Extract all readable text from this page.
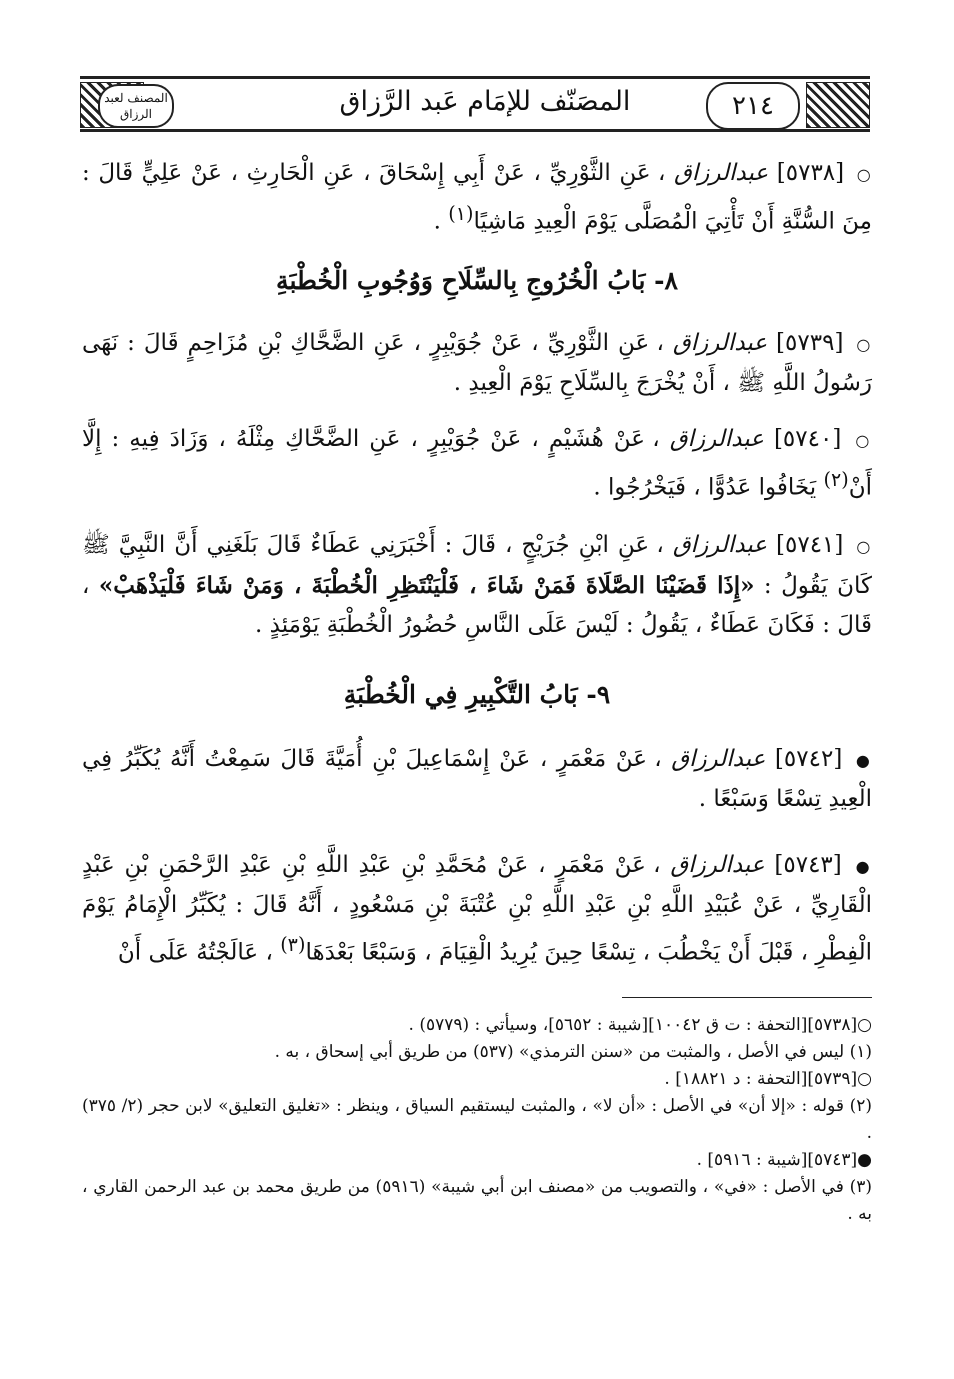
المصنف لعبد الرزاق	المصَنّف للإمَام عَبد الرَّزاق	٢١٤

○ [٥٧٣٨] عبدالرزاق ، عَنِ الثَّوْرِيِّ ، عَنْ أَبِي إِسْحَاقَ ، عَنِ الْحَارِثِ ، عَنْ عَلِيٍّ قَالَ : مِنَ السُّنَّةِ أَنْ تَأْتِيَ الْمُصَلَّى يَوْمَ الْعِيدِ مَاشِيًا$^{(١)}$ .

٨- بَابُ الْخُرُوجِ بِالسِّلَاحِ وَوُجُوبِ الْخُطْبَةِ

○ [٥٧٣٩] عبدالرزاق ، عَنِ الثَّوْرِيِّ ، عَنْ جُوَيْبِرٍ ، عَنِ الضَّحَّاكِ بْنِ مُزَاحِمٍ قَالَ : نَهَى رَسُولُ اللَّهِ ﷺ ، أَنْ يُخْرَجَ بِالسِّلَاحِ يَوْمَ الْعِيدِ .

○ [٥٧٤٠] عبدالرزاق ، عَنْ هُشَيْمٍ ، عَنْ جُوَيْبِرٍ ، عَنِ الضَّحَّاكِ مِثْلَهُ ، وَزَادَ فِيهِ : إِلَّا أَنْ$^{(٢)}$ يَخَافُوا عَدُوًّا ، فَيَخْرُجُوا .

○ [٥٧٤١] عبدالرزاق ، عَنِ ابْنِ جُرَيْجٍ ، قَالَ : أَخْبَرَنِي عَطَاءٌ قَالَ بَلَغَنِي أَنَّ النَّبِيَّ ﷺ كَانَ يَقُولُ : «إِذَا قَضَيْنَا الصَّلَاةَ فَمَنْ شَاءَ ، فَلْيَنْتَظِرِ الْخُطْبَةَ ، وَمَنْ شَاءَ فَلْيَذْهَبْ» ، قَالَ : فَكَانَ عَطَاءٌ ، يَقُولُ : لَيْسَ عَلَى النَّاسِ حُضُورُ الْخُطْبَةِ يَوْمَئِذٍ .

٩- بَابُ التَّكْبِيرِ فِي الْخُطْبَةِ

● [٥٧٤٢] عبدالرزاق ، عَنْ مَعْمَرٍ ، عَنْ إِسْمَاعِيلَ بْنِ أُمَيَّةَ قَالَ سَمِعْتُ أَنَّهُ يُكَبِّرُ فِي الْعِيدِ تِسْعًا وَسَبْعًا .

● [٥٧٤٣] عبدالرزاق ، عَنْ مَعْمَرٍ ، عَنْ مُحَمَّدِ بْنِ عَبْدِ اللَّهِ بْنِ عَبْدِ الرَّحْمَنِ بْنِ عَبْدٍ الْقَارِيِّ ، عَنْ عُبَيْدِ اللَّهِ بْنِ عَبْدِ اللَّهِ بْنِ عُتْبَةَ بْنِ مَسْعُودٍ ، أَنَّهُ قَالَ : يُكَبِّرُ الْإِمَامُ يَوْمَ الْفِطْرِ ، قَبْلَ أَنْ يَخْطُبَ ، تِسْعًا حِينَ يُرِيدُ الْقِيَامَ ، وَسَبْعًا بَعْدَهَا$^{(٣)}$ ، عَالَجْتُهُ عَلَى أَنْ

○[٥٧٣٨][التحفة : ت ق ١٠٠٤٢][شيبة : ٥٦٥٢]، وسيأتي : (٥٧٧٩) .

(١) ليس في الأصل ، والمثبت من «سنن الترمذي» (٥٣٧) من طريق أبي إسحاق ، به .

○[٥٧٣٩][التحفة : د ١٨٨٢١] .

(٢) قوله : «إلا أن» في الأصل : «أن لا» ، والمثبت ليستقيم السياق ، وينظر : «تغليق التعليق» لابن حجر (٢/ ٣٧٥) .

●[٥٧٤٣][شيبة : ٥٩١٦] .

(٣) في الأصل : «في» ، والتصويب من «مصنف ابن أبي شيبة» (٥٩١٦) من طريق محمد بن عبد الرحمن القاري ، به .
